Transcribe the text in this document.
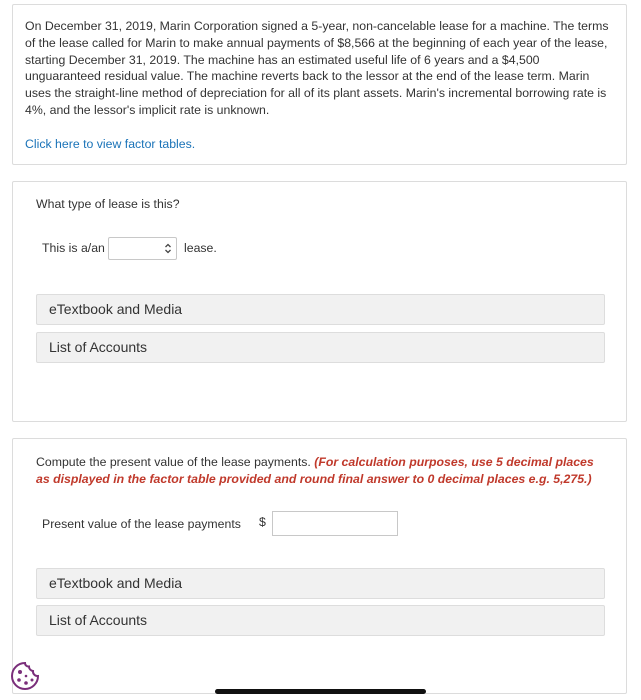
On December 31, 2019, Marin Corporation signed a 5-year, non-cancelable lease for a machine. The terms of the lease called for Marin to make annual payments of $8,566 at the beginning of each year of the lease, starting December 31, 2019. The machine has an estimated useful life of 6 years and a $4,500 unguaranteed residual value. The machine reverts back to the lessor at the end of the lease term. Marin uses the straight-line method of depreciation for all of its plant assets. Marin's incremental borrowing rate is 4%, and the lessor's implicit rate is unknown.

Click here to view factor tables.
What type of lease is this?
This is a/an	lease.
eTextbook and Media
List of Accounts
Compute the present value of the lease payments. (For calculation purposes, use 5 decimal places as displayed in the factor table provided and round final answer to 0 decimal places e.g. 5,275.)
Present value of the lease payments $
eTextbook and Media
List of Accounts
